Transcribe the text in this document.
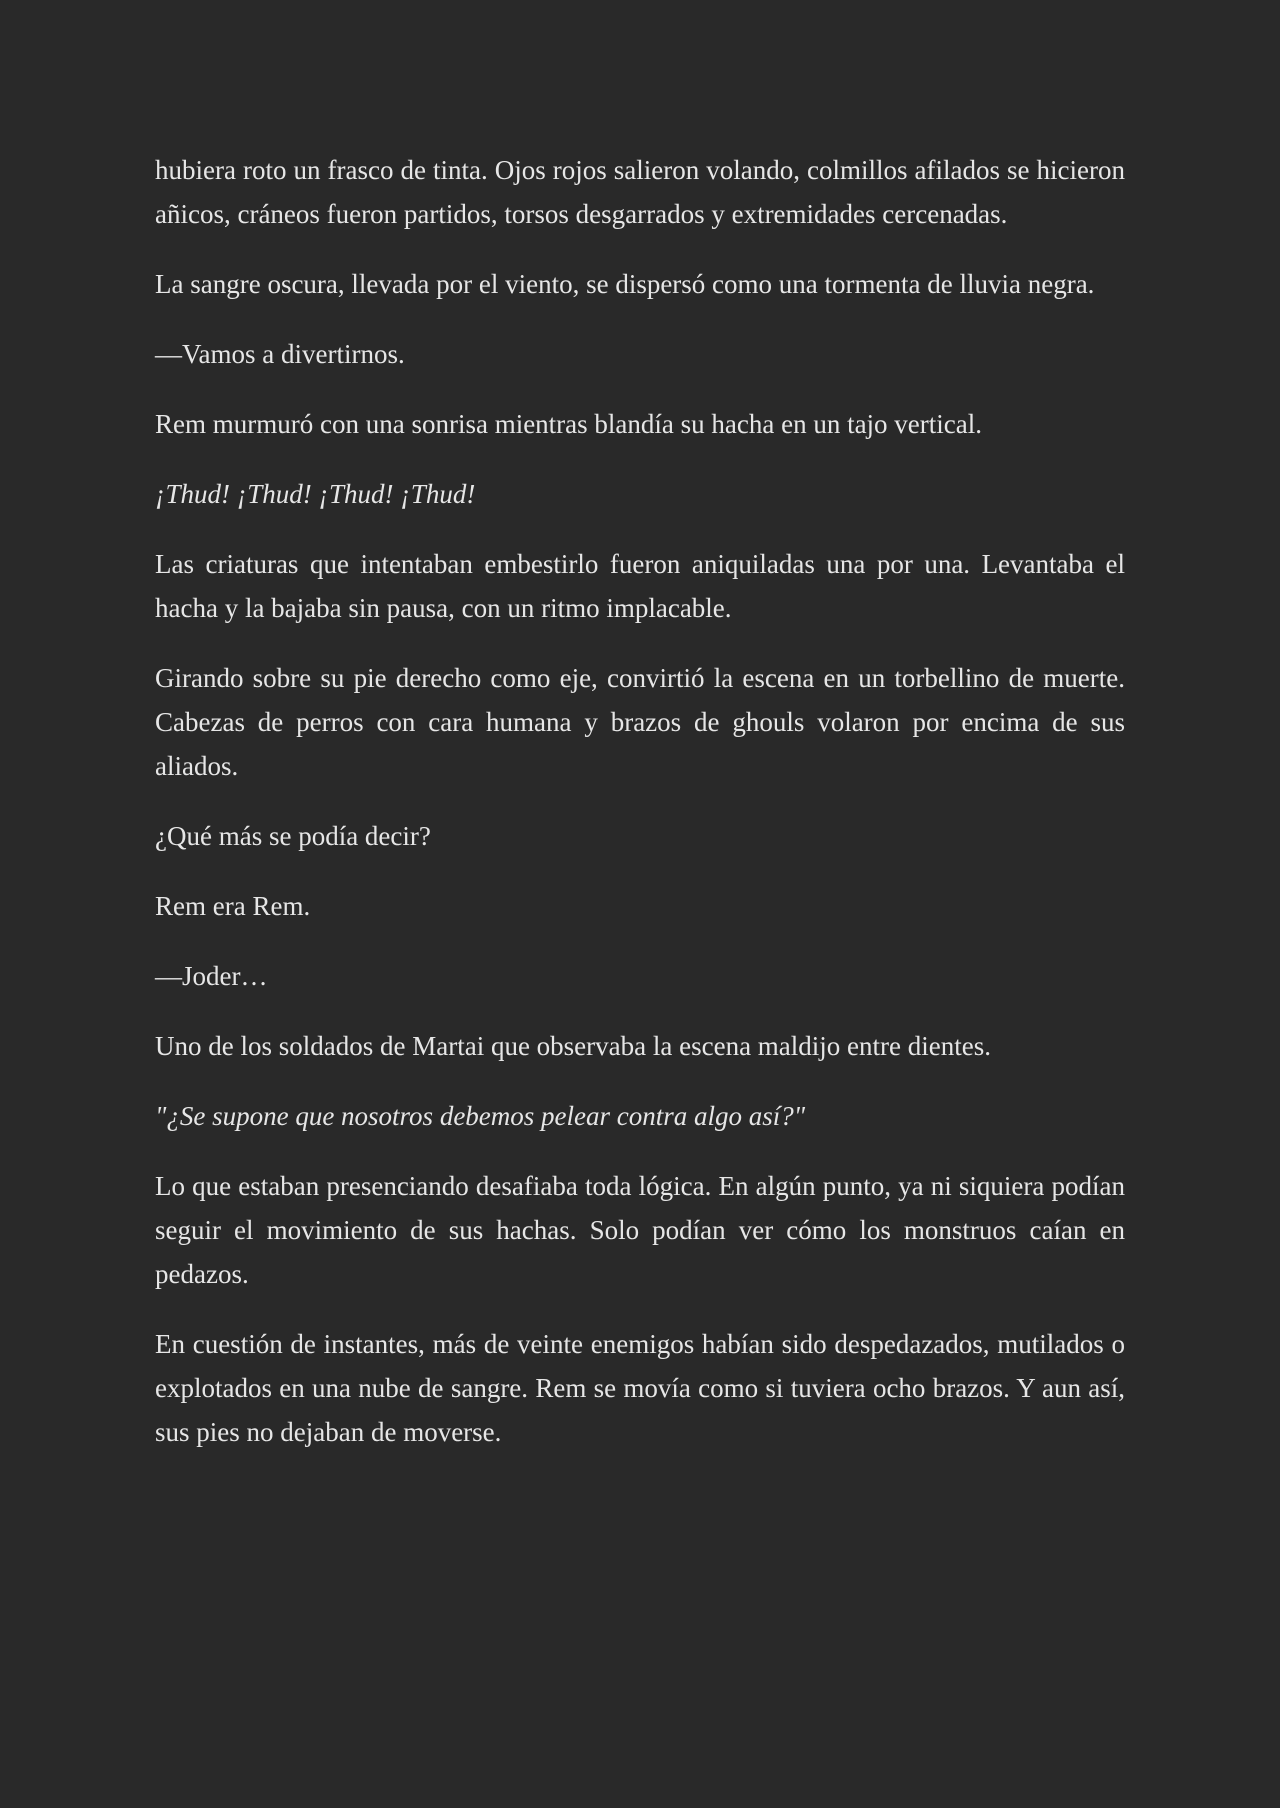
hubiera roto un frasco de tinta. Ojos rojos salieron volando, colmillos afilados se hicieron añicos, cráneos fueron partidos, torsos desgarrados y extremidades cercenadas.

La sangre oscura, llevada por el viento, se dispersó como una tormenta de lluvia negra.

—Vamos a divertirnos.

Rem murmuró con una sonrisa mientras blandía su hacha en un tajo vertical.

¡Thud! ¡Thud! ¡Thud! ¡Thud!

Las criaturas que intentaban embestirlo fueron aniquiladas una por una. Levantaba el hacha y la bajaba sin pausa, con un ritmo implacable.

Girando sobre su pie derecho como eje, convirtió la escena en un torbellino de muerte. Cabezas de perros con cara humana y brazos de ghouls volaron por encima de sus aliados.

¿Qué más se podía decir?

Rem era Rem.

—Joder…

Uno de los soldados de Martai que observaba la escena maldijo entre dientes.

"¿Se supone que nosotros debemos pelear contra algo así?"

Lo que estaban presenciando desafiaba toda lógica. En algún punto, ya ni siquiera podían seguir el movimiento de sus hachas. Solo podían ver cómo los monstruos caían en pedazos.

En cuestión de instantes, más de veinte enemigos habían sido despedazados, mutilados o explotados en una nube de sangre. Rem se movía como si tuviera ocho brazos. Y aun así, sus pies no dejaban de moverse.
